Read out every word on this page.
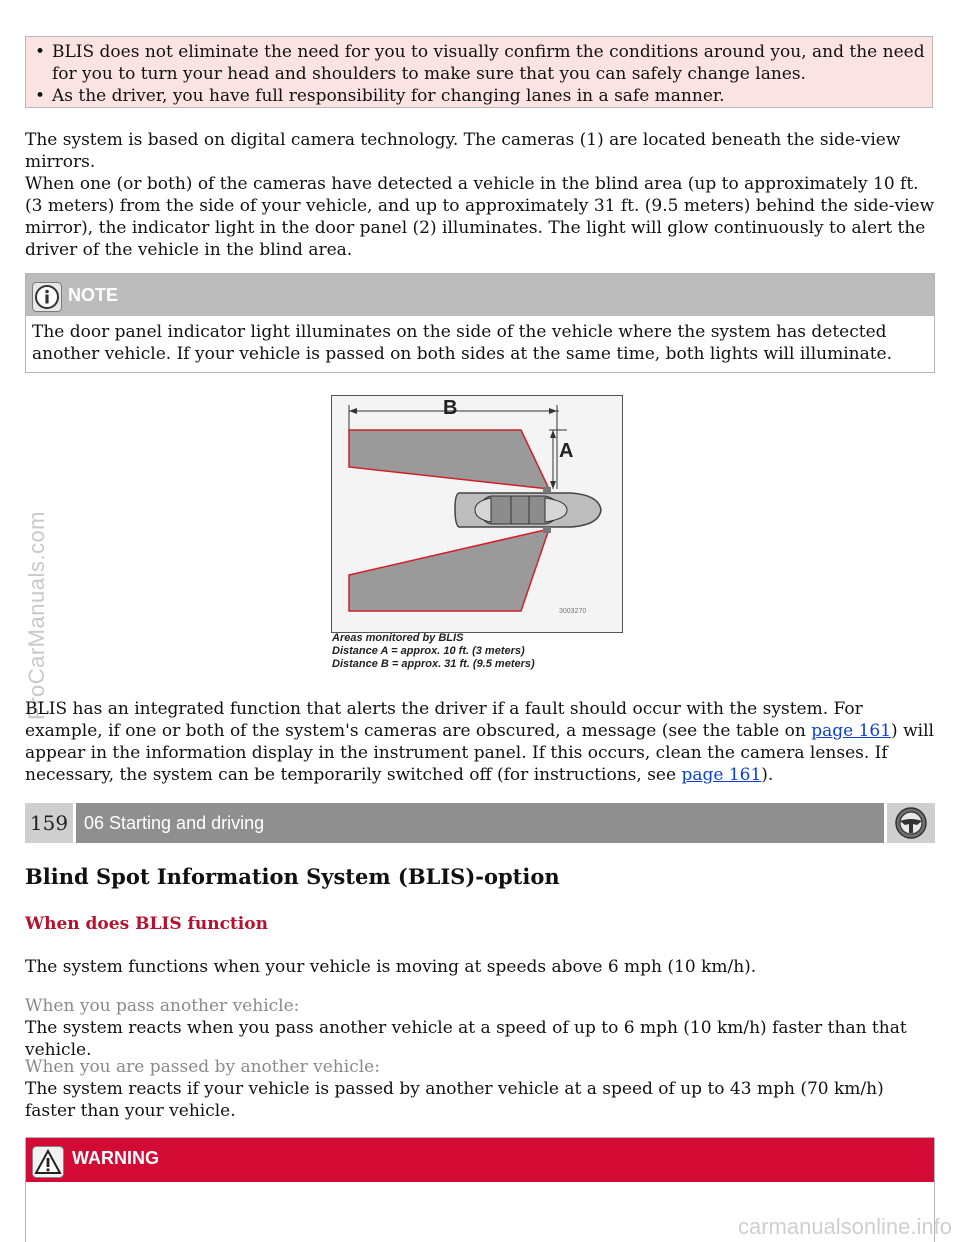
ProCarManuals.com
carmanualsonline.info
• BLIS does not eliminate the need for you to visually confirm the conditions around you, and the need for you to turn your head and shoulders to make sure that you can safely change lanes.
• As the driver, you have full responsibility for changing lanes in a safe manner.

The system is based on digital camera technology. The cameras (1) are located beneath the side-view mirrors.

When one (or both) of the cameras have detected a vehicle in the blind area (up to approximately 10 ft. (3 meters) from the side of your vehicle, and up to approximately 31 ft. (9.5 meters) behind the side-view mirror), the indicator light in the door panel (2) illuminates. The light will glow continuously to alert the driver of the vehicle in the blind area.

NOTE
The door panel indicator light illuminates on the side of the vehicle where the system has detected another vehicle. If your vehicle is passed on both sides at the same time, both lights will illuminate.
B
A
3003270
Areas monitored by BLIS
Distance A = approx. 10 ft. (3 meters)
Distance B = approx. 31 ft. (9.5 meters)

BLIS has an integrated function that alerts the driver if a fault should occur with the system. For example, if one or both of the system's cameras are obscured, a message (see the table on page 161) will appear in the information display in the instrument panel. If this occurs, clean the camera lenses. If necessary, the system can be temporarily switched off (for instructions, see page 161).

159 06 Starting and driving
Blind Spot Information System (BLIS)-option
When does BLIS function

The system functions when your vehicle is moving at speeds above 6 mph (10 km/h).

When you pass another vehicle:

The system reacts when you pass another vehicle at a speed of up to 6 mph (10 km/h) faster than that vehicle.

When you are passed by another vehicle:

The system reacts if your vehicle is passed by another vehicle at a speed of up to 43 mph (70 km/h) faster than your vehicle.

WARNING
